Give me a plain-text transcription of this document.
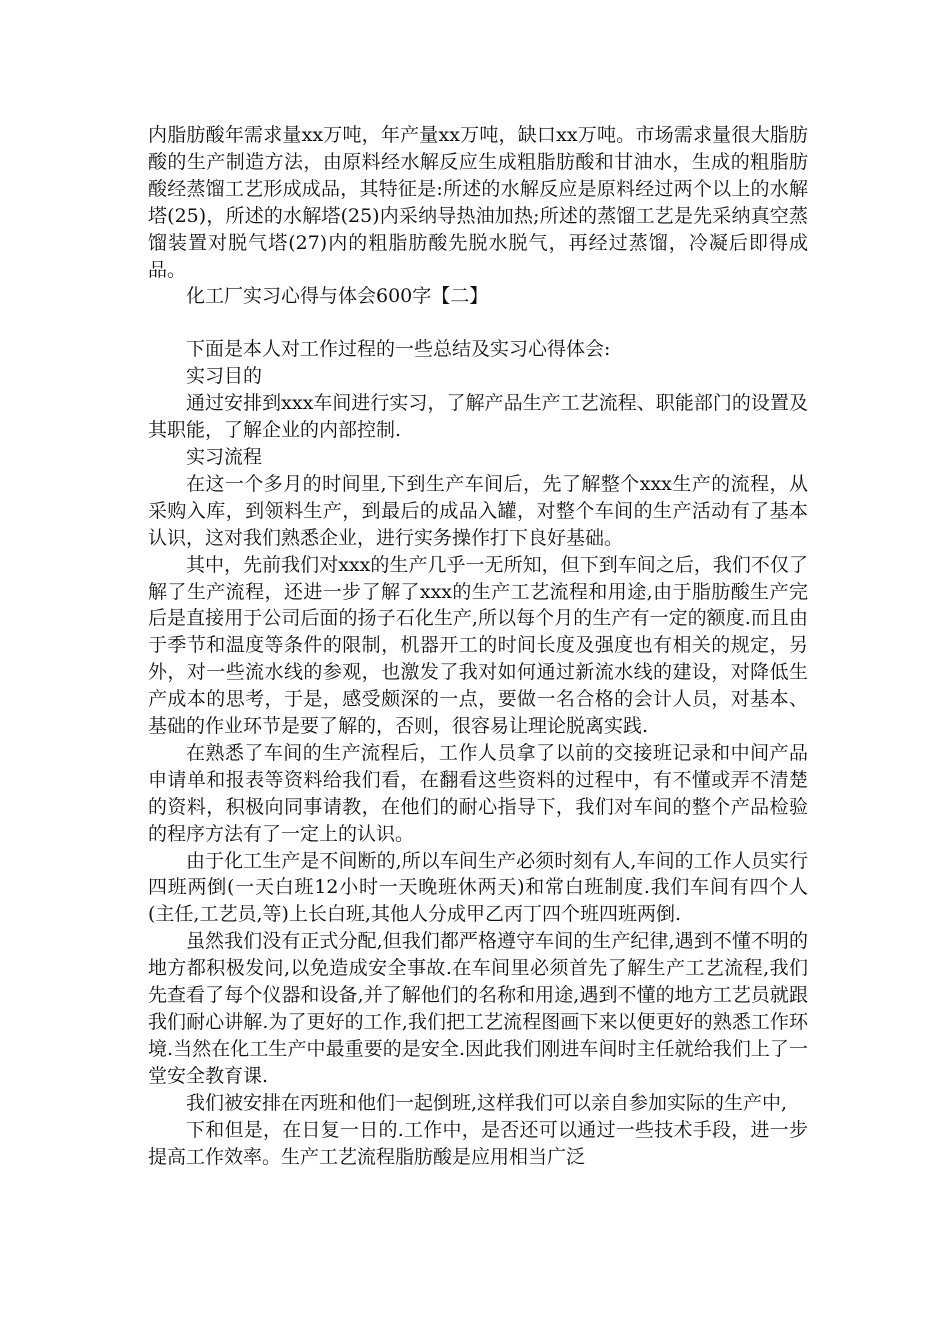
内脂肪酸年需求量xx万吨，年产量xx万吨，缺口xx万吨。市场需求量很大脂肪酸的生产制造方法，由原料经水解反应生成粗脂肪酸和甘油水，生成的粗脂肪酸经蒸馏工艺形成成品，其特征是:所述的水解反应是原料经过两个以上的水解塔(25)，所述的水解塔(25)内采纳导热油加热;所述的蒸馏工艺是先采纳真空蒸馏装置对脱气塔(27)内的粗脂肪酸先脱水脱气，再经过蒸馏，冷凝后即得成品。

化工厂实习心得与体会600字【二】

下面是本人对工作过程的一些总结及实习心得体会:

实习目的

通过安排到xxx车间进行实习，了解产品生产工艺流程、职能部门的设置及其职能，了解企业的内部控制.

实习流程

在这一个多月的时间里,下到生产车间后，先了解整个xxx生产的流程，从采购入库，到领料生产，到最后的成品入罐，对整个车间的生产活动有了基本认识，这对我们熟悉企业，进行实务操作打下良好基础。

其中，先前我们对xxx的生产几乎一无所知，但下到车间之后，我们不仅了解了生产流程，还进一步了解了xxx的生产工艺流程和用途,由于脂肪酸生产完后是直接用于公司后面的扬子石化生产,所以每个月的生产有一定的额度.而且由于季节和温度等条件的限制，机器开工的时间长度及强度也有相关的规定，另外，对一些流水线的参观，也激发了我对如何通过新流水线的建设，对降低生产成本的思考，于是，感受颇深的一点，要做一名合格的会计人员，对基本、基础的作业环节是要了解的，否则，很容易让理论脱离实践.

在熟悉了车间的生产流程后，工作人员拿了以前的交接班记录和中间产品申请单和报表等资料给我们看，在翻看这些资料的过程中，有不懂或弄不清楚的资料，积极向同事请教，在他们的耐心指导下，我们对车间的整个产品检验的程序方法有了一定上的认识。

由于化工生产是不间断的,所以车间生产必须时刻有人,车间的工作人员实行四班两倒(一天白班12小时一天晚班休两天)和常白班制度.我们车间有四个人(主任,工艺员,等)上长白班,其他人分成甲乙丙丁四个班四班两倒.

虽然我们没有正式分配,但我们都严格遵守车间的生产纪律,遇到不懂不明的地方都积极发问,以免造成安全事故.在车间里必须首先了解生产工艺流程,我们先查看了每个仪器和设备,并了解他们的名称和用途,遇到不懂的地方工艺员就跟我们耐心讲解.为了更好的工作,我们把工艺流程图画下来以便更好的熟悉工作环境.当然在化工生产中最重要的是安全.因此我们刚进车间时主任就给我们上了一堂安全教育课.

我们被安排在丙班和他们一起倒班,这样我们可以亲自参加实际的生产中,

下和但是，在日复一日的.工作中，是否还可以通过一些技术手段，进一步提高工作效率。生产工艺流程脂肪酸是应用相当广泛
